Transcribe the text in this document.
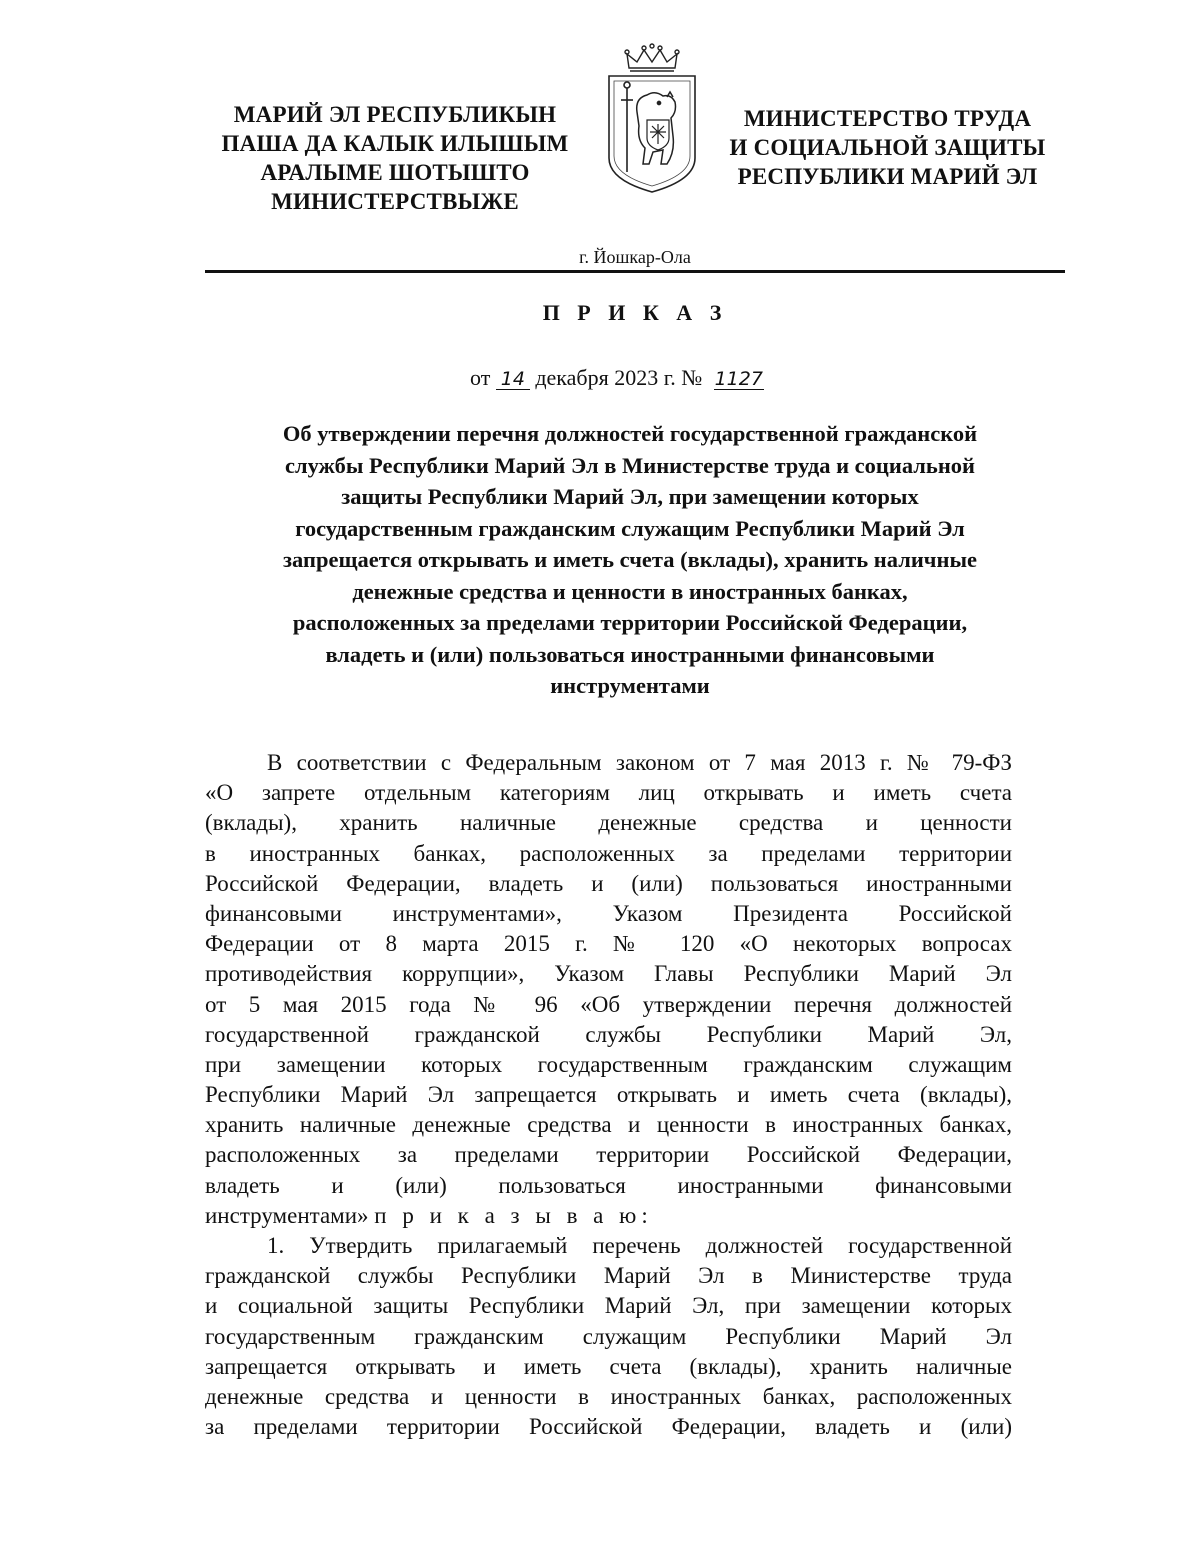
МАРИЙ ЭЛ РЕСПУБЛИКЫН
ПАША ДА КАЛЫК ИЛЫШЫМ
АРАЛЫМЕ ШОТЫШТО
МИНИСТЕРСТВЫЖЕ
МИНИСТЕРСТВО ТРУДА
И СОЦИАЛЬНОЙ ЗАЩИТЫ
РЕСПУБЛИКИ МАРИЙ ЭЛ
г. Йошкар-Ола
П Р И К А З
от 14 декабря 2023 г. № 1127
Об утверждении перечня должностей государственной гражданской
службы Республики Марий Эл в Министерстве труда и социальной
защиты Республики Марий Эл, при замещении которых
государственным гражданским служащим Республики Марий Эл
запрещается открывать и иметь счета (вклады), хранить наличные
денежные средства и ценности в иностранных банках,
расположенных за пределами территории Российской Федерации,
владеть и (или) пользоваться иностранными финансовыми
инструментами
В соответствии с Федеральным законом от 7 мая 2013 г. № 79-ФЗ
«О запрете отдельным категориям лиц открывать и иметь счета
(вклады), хранить наличные денежные средства и ценности
в иностранных банках, расположенных за пределами территории
Российской Федерации, владеть и (или) пользоваться иностранными
финансовыми инструментами», Указом Президента Российской
Федерации от 8 марта 2015 г. № 120 «О некоторых вопросах
противодействия коррупции», Указом Главы Республики Марий Эл
от 5 мая 2015 года № 96 «Об утверждении перечня должностей
государственной гражданской службы Республики Марий Эл,
при замещении которых государственным гражданским служащим
Республики Марий Эл запрещается открывать и иметь счета (вклады),
хранить наличные денежные средства и ценности в иностранных банках,
расположенных за пределами территории Российской Федерации,
владеть и (или) пользоваться иностранными финансовыми
инструментами» п р и к а з ы в а ю:
1. Утвердить прилагаемый перечень должностей государственной
гражданской службы Республики Марий Эл в Министерстве труда
и социальной защиты Республики Марий Эл, при замещении которых
государственным гражданским служащим Республики Марий Эл
запрещается открывать и иметь счета (вклады), хранить наличные
денежные средства и ценности в иностранных банках, расположенных
за пределами территории Российской Федерации, владеть и (или)
